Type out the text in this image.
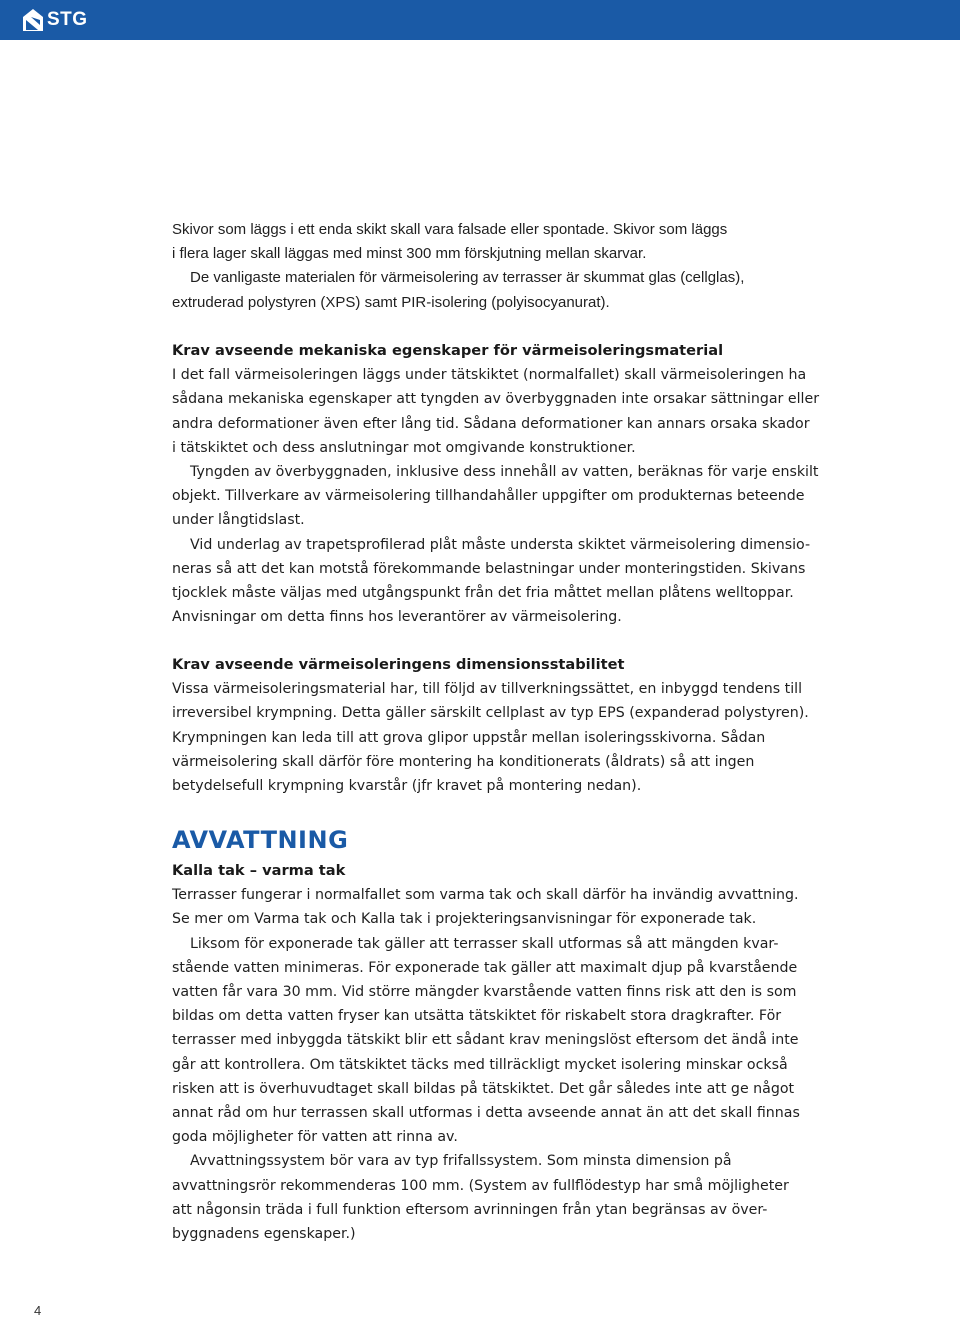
STG

Skivor som läggs i ett enda skikt skall vara falsade eller spontade. Skivor som läggs

i flera lager skall läggas med minst 300 mm förskjutning mellan skarvar.

De vanligaste materialen för värmeisolering av terrasser är skummat glas (cellglas),

extruderad polystyren (XPS) samt PIR-isolering (polyisocyanurat).

Krav avseende mekaniska egenskaper för värmeisoleringsmaterial

I det fall värmeisoleringen läggs under tätskiktet (normalfallet) skall värmeisoleringen ha

sådana mekaniska egenskaper att tyngden av överbyggnaden inte orsakar sättningar eller

andra deformationer även efter lång tid. Sådana deformationer kan annars orsaka skador

i tätskiktet och dess anslutningar mot omgivande konstruktioner.

Tyngden av överbyggnaden, inklusive dess innehåll av vatten, beräknas för varje enskilt

objekt. Tillverkare av värmeisolering tillhandahåller uppgifter om produkternas beteende

under långtidslast.

Vid underlag av trapetsprofilerad plåt måste understa skiktet värmeisolering dimensio-

neras så att det kan motstå förekommande belastningar under monteringstiden. Skivans

tjocklek måste väljas med utgångspunkt från det fria måttet mellan plåtens welltoppar.

Anvisningar om detta finns hos leverantörer av värmeisolering.

Krav avseende värmeisoleringens dimensionsstabilitet

Vissa värmeisoleringsmaterial har, till följd av tillverkningssättet, en inbyggd tendens till

irreversibel krympning. Detta gäller särskilt cellplast av typ EPS (expanderad polystyren).

Krympningen kan leda till att grova glipor uppstår mellan isoleringsskivorna. Sådan

värmeisolering skall därför före montering ha konditionerats (åldrats) så att ingen

betydelsefull krympning kvarstår (jfr kravet på montering nedan).

AVVATTNING
Kalla tak – varma tak

Terrasser fungerar i normalfallet som varma tak och skall därför ha invändig avvattning.

Se mer om Varma tak och Kalla tak i projekteringsanvisningar för exponerade tak.

Liksom för exponerade tak gäller att terrasser skall utformas så att mängden kvar-

stående vatten minimeras. För exponerade tak gäller att maximalt djup på kvarstående

vatten får vara 30 mm. Vid större mängder kvarstående vatten finns risk att den is som

bildas om detta vatten fryser kan utsätta tätskiktet för riskabelt stora dragkrafter. För

terrasser med inbyggda tätskikt blir ett sådant krav meningslöst eftersom det ändå inte

går att kontrollera. Om tätskiktet täcks med tillräckligt mycket isolering minskar också

risken att is överhuvudtaget skall bildas på tätskiktet. Det går således inte att ge något

annat råd om hur terrassen skall utformas i detta avseende annat än att det skall finnas

goda möjligheter för vatten att rinna av.

Avvattningssystem bör vara av typ frifallssystem. Som minsta dimension på

avvattningsrör rekommenderas 100 mm. (System av fullflödestyp har små möjligheter

att någonsin träda i full funktion eftersom avrinningen från ytan begränsas av över-

byggnadens egenskaper.)

4
